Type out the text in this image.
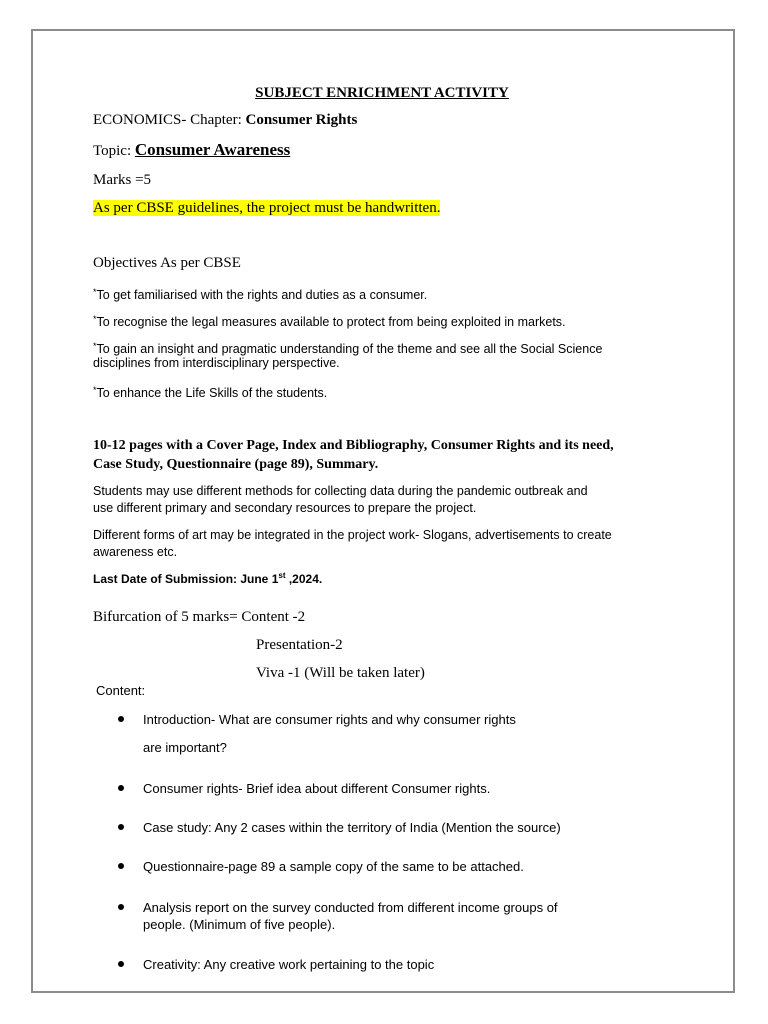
SUBJECT ENRICHMENT ACTIVITY

ECONOMICS- Chapter: Consumer Rights

Topic: Consumer Awareness

Marks =5

As per CBSE guidelines, the project must be handwritten.

Objectives As per CBSE

*To get familiarised with the rights and duties as a consumer.

*To recognise the legal measures available to protect from being exploited in markets.

*To gain an insight and pragmatic understanding of the theme and see all the Social Science

disciplines from interdisciplinary perspective.

*To enhance the Life Skills of the students.

10-12 pages with a Cover Page, Index and Bibliography, Consumer Rights and its need,

Case Study, Questionnaire (page 89), Summary.

Students may use different methods for collecting data during the pandemic outbreak and

use different primary and secondary resources to prepare the project.

Different forms of art may be integrated in the project work- Slogans, advertisements to create

awareness etc.

Last Date of Submission: June 1st ,2024.

Bifurcation of 5 marks= Content -2

Presentation-2

Viva -1 (Will be taken later)

Content:

Introduction- What are consumer rights and why consumer rights

are important?

Consumer rights- Brief idea about different Consumer rights.

Case study: Any 2 cases within the territory of India (Mention the source)

Questionnaire-page 89 a sample copy of the same to be attached.

Analysis report on the survey conducted from different income groups of

people. (Minimum of five people).

Creativity: Any creative work pertaining to the topic
